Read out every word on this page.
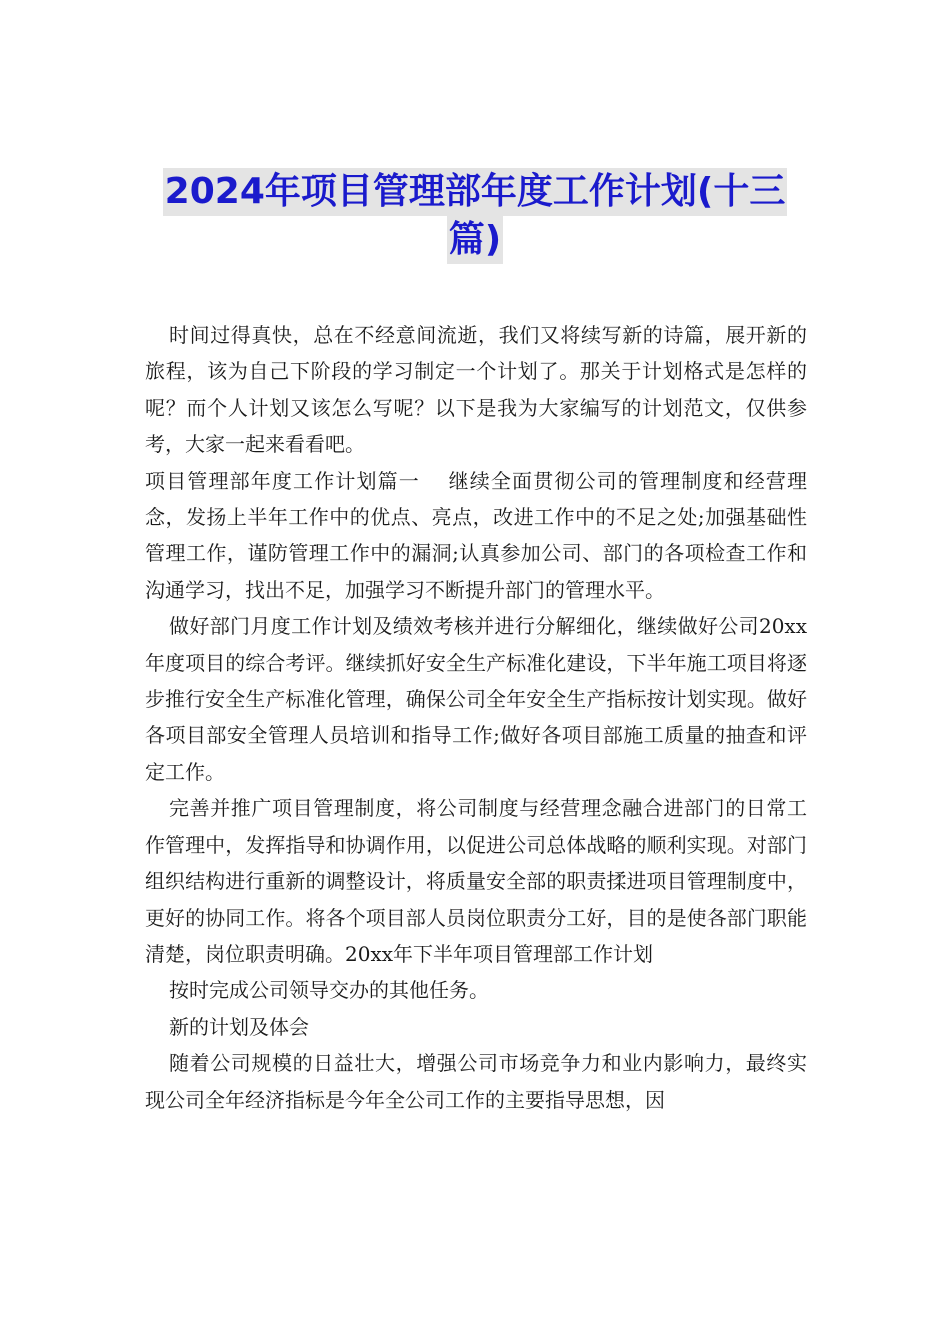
2024年项目管理部年度工作计划(十三
篇)

时间过得真快，总在不经意间流逝，我们又将续写新的诗篇，展开新的旅程，该为自己下阶段的学习制定一个计划了。那关于计划格式是怎样的呢？而个人计划又该怎么写呢？以下是我为大家编写的计划范文，仅供参考，大家一起来看看吧。

项目管理部年度工作计划篇一　 继续全面贯彻公司的管理制度和经营理念，发扬上半年工作中的优点、亮点，改进工作中的不足之处;加强基础性管理工作，谨防管理工作中的漏洞;认真参加公司、部门的各项检查工作和沟通学习，找出不足，加强学习不断提升部门的管理水平。

做好部门月度工作计划及绩效考核并进行分解细化，继续做好公司20xx年度项目的综合考评。继续抓好安全生产标准化建设，下半年施工项目将逐步推行安全生产标准化管理，确保公司全年安全生产指标按计划实现。做好各项目部安全管理人员培训和指导工作;做好各项目部施工质量的抽查和评定工作。

完善并推广项目管理制度，将公司制度与经营理念融合进部门的日常工作管理中，发挥指导和协调作用，以促进公司总体战略的顺利实现。对部门组织结构进行重新的调整设计，将质量安全部的职责揉进项目管理制度中，更好的协同工作。将各个项目部人员岗位职责分工好，目的是使各部门职能清楚，岗位职责明确。20xx年下半年项目管理部工作计划

按时完成公司领导交办的其他任务。

新的计划及体会

随着公司规模的日益壮大，增强公司市场竞争力和业内影响力，最终实现公司全年经济指标是今年全公司工作的主要指导思想，因
